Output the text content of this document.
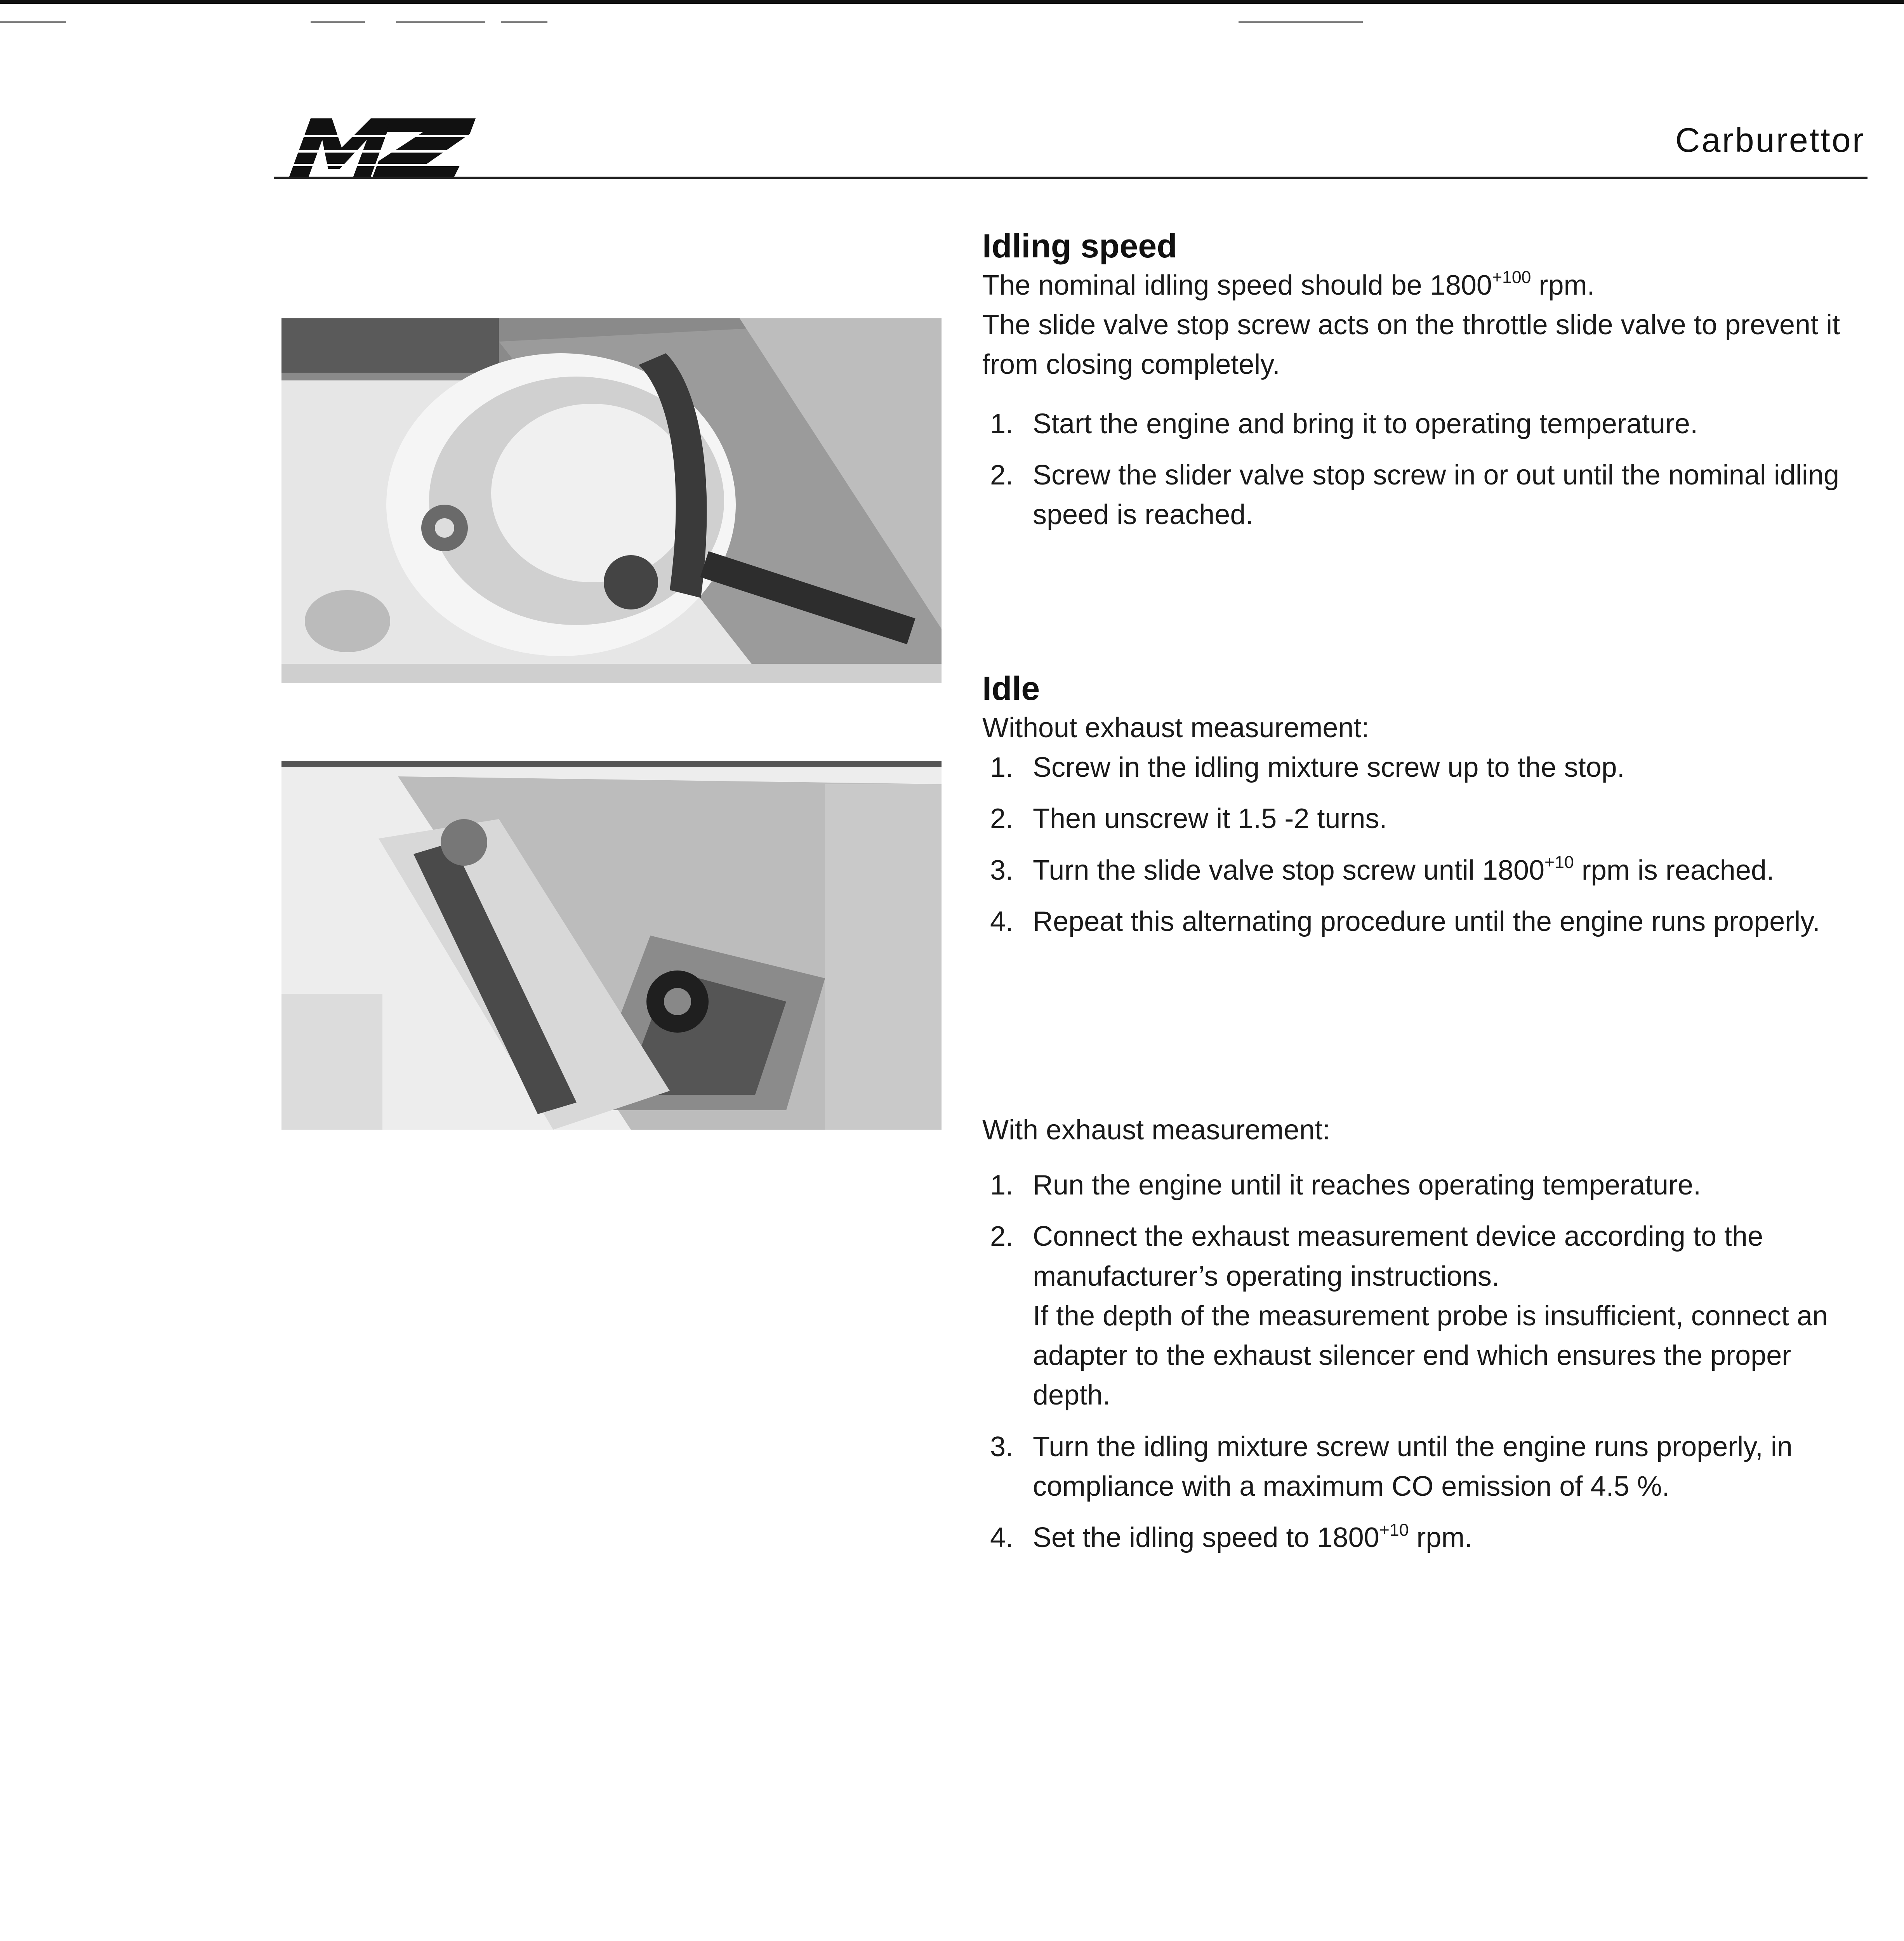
MZ
Carburettor
Idling speed

The nominal idling speed should be $1800^{+100}$ rpm.

The slide valve stop screw acts on the throttle slide valve to prevent it from closing completely.

1. Start the engine and bring it to operating temperature.
2. Screw the slider valve stop screw in or out until the nominal idling speed is reached.
Idle

Without exhaust measurement:

1. Screw in the idling mixture screw up to the stop.
2. Then unscrew it 1.5 -2 turns.
3. Turn the slide valve stop screw until $1800^{+10}$ rpm is reached.
4. Repeat this alternating procedure until the engine runs properly.

With exhaust measurement:

1. Run the engine until it reaches operating temperature.
2. Connect the exhaust measurement device according to the manufacturer’s operating instructions.
If the depth of the measurement probe is insufficient, connect an adapter to the exhaust silencer end which ensures the proper depth.
3. Turn the idling mixture screw until the engine runs properly, in compliance with a maximum CO emission of 4.5 %.
4. Set the idling speed to $1800^{+10}$ rpm.
